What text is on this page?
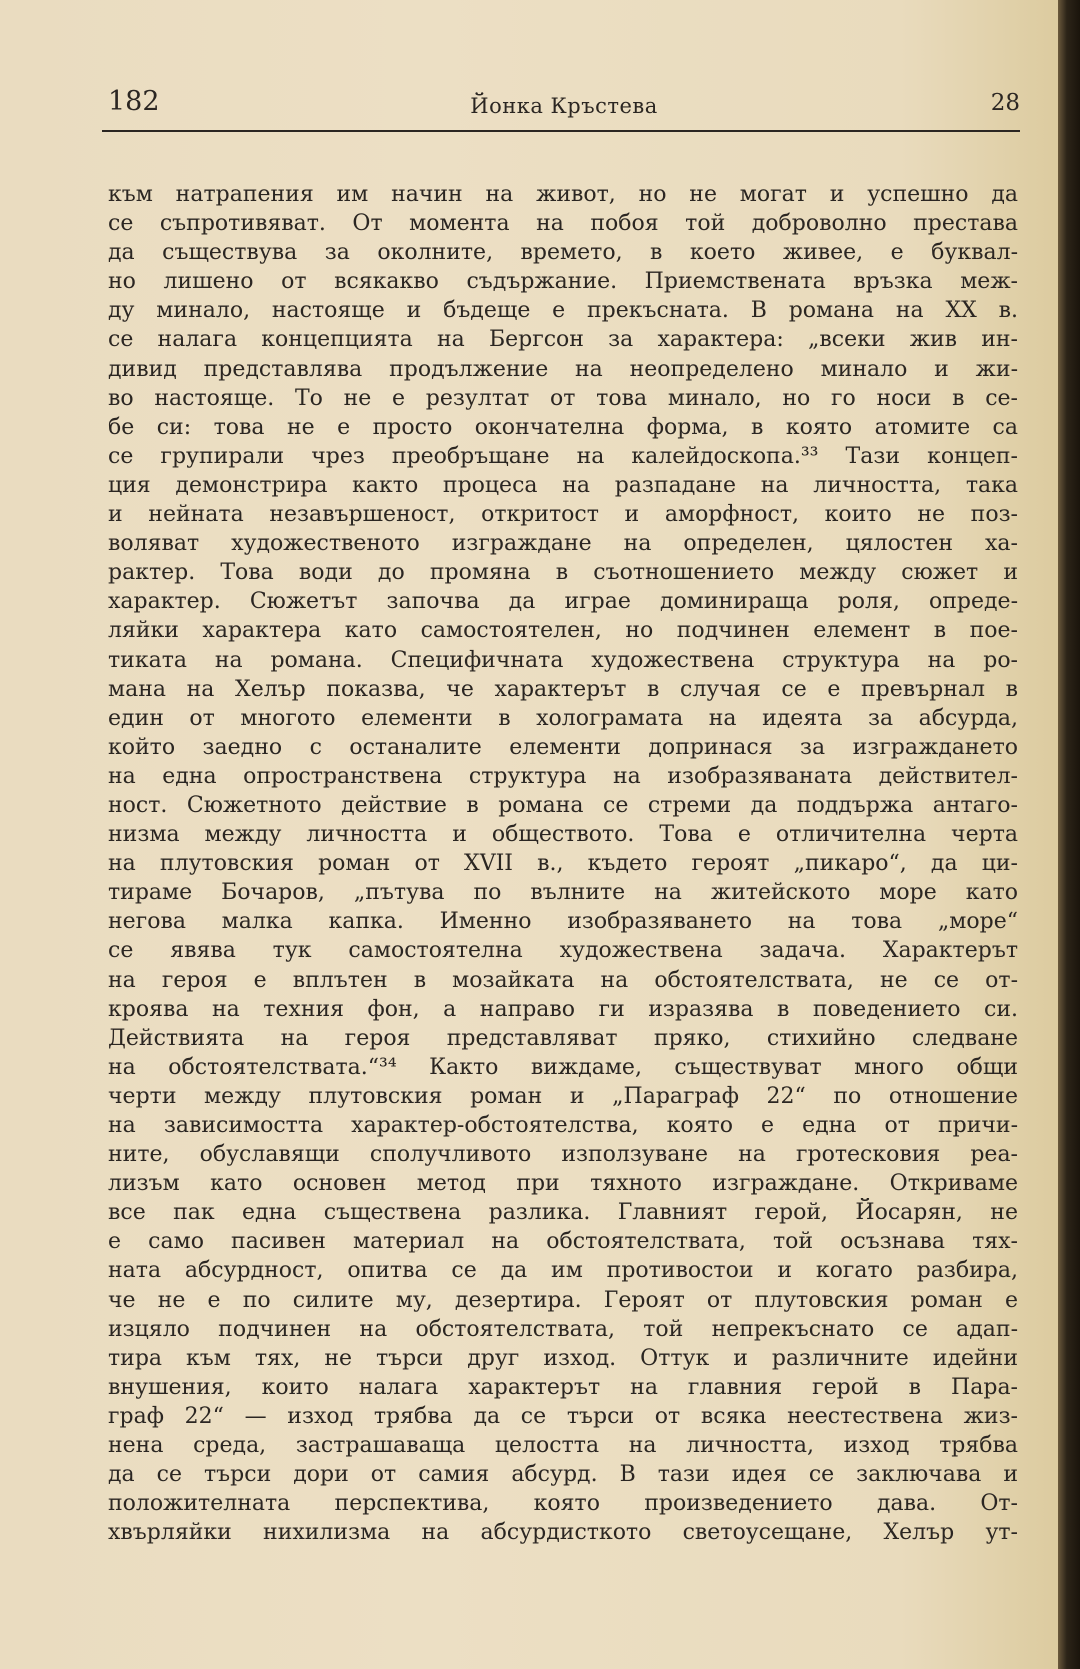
182	Йонка Кръстева	28
към натрапения им начин на живот, но не могат и успешно да
се съпротивяват. От момента на побоя той доброволно престава
да съществува за околните, времето, в което живее, е буквал-
но лишено от всякакво съдържание. Приемствената връзка меж-
ду минало, настояще и бъдеще е прекъсната. В романа на XX в.
се налага концепцията на Бергсон за характера: „всеки жив ин-
дивид представлява продължение на неопределено минало и жи-
во настояще. То не е резултат от това минало, но го носи в се-
бе си: това не е просто окончателна форма, в която атомите са
се групирали чрез преобръщане на калейдоскопа.³³ Тази концеп-
ция демонстрира както процеса на разпадане на личността, така
и нейната незавършеност, откритост и аморфност, които не поз-
воляват художественото изграждане на определен, цялостен ха-
рактер. Това води до промяна в съотношението между сюжет и
характер. Сюжетът започва да играе доминираща роля, опреде-
ляйки характера като самостоятелен, но подчинен елемент в пое-
тиката на романа. Специфичната художествена структура на ро-
мана на Хелър показва, че характерът в случая се е превърнал в
един от многото елементи в холограмата на идеята за абсурда,
който заедно с останалите елементи допринася за изграждането
на една опространствена структура на изобразяваната действител-
ност. Сюжетното действие в романа се стреми да поддържа антаго-
низма между личността и обществото. Това е отличителна черта
на плутовския роман от XVII в., където героят „пикаро“, да ци-
тираме Бочаров, „пътува по вълните на житейското море като
негова малка капка. Именно изобразяването на това „море“
се явява тук самостоятелна художествена задача. Характерът
на героя е вплътен в мозайката на обстоятелствата, не се от-
кроява на техния фон, а направо ги изразява в поведението си.
Действията на героя представляват пряко, стихийно следване
на обстоятелствата.“³⁴ Както виждаме, съществуват много общи
черти между плутовския роман и „Параграф 22“ по отношение
на зависимостта характер-обстоятелства, която е една от причи-
ните, обуславящи сполучливото използуване на гротесковия реа-
лизъм като основен метод при тяхното изграждане. Откриваме
все пак една съществена разлика. Главният герой, Йосарян, не
е само пасивен материал на обстоятелствата, той осъзнава тях-
ната абсурдност, опитва се да им противостои и когато разбира,
че не е по силите му, дезертира. Героят от плутовския роман е
изцяло подчинен на обстоятелствата, той непрекъснато се адап-
тира към тях, не търси друг изход. Оттук и различните идейни
внушения, които налага характерът на главния герой в Пара-
граф 22“ — изход трябва да се търси от всяка неестествена жиз-
нена среда, застрашаваща целостта на личността, изход трябва
да се търси дори от самия абсурд. В тази идея се заключава и
положителната перспектива, която произведението дава. От-
хвърляйки нихилизма на абсурдисткото светоусещане, Хелър ут-
